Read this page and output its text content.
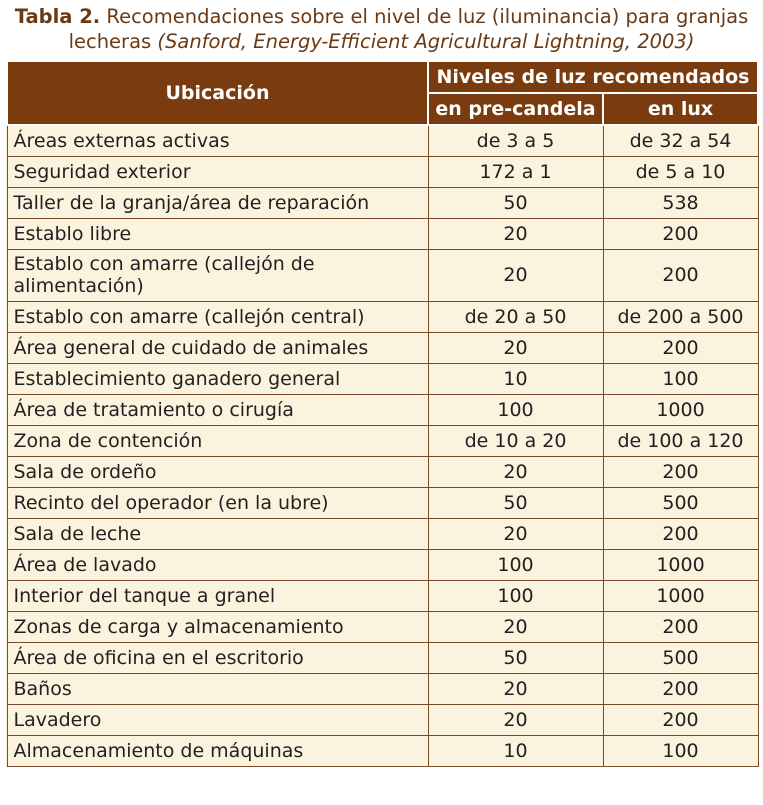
Tabla 2. Recomendaciones sobre el nivel de luz (iluminancia) para granjas lecheras (Sanford, Energy-Efficient Agricultural Lightning, 2003)
Ubicación	Niveles de luz recomendados	
	en pre-candela	en lux
Áreas externas activas	de 3 a 5	de 32 a 54
Seguridad exterior	172 a 1	de 5 a 10
Taller de la granja/área de reparación	50	538
Establo libre	20	200
Establo con amarre (callejón de alimentación)	20	200
Establo con amarre (callejón central)	de 20 a 50	de 200 a 500
Área general de cuidado de animales	20	200
Establecimiento ganadero general	10	100
Área de tratamiento o cirugía	100	1000
Zona de contención	de 10 a 20	de 100 a 120
Sala de ordeño	20	200
Recinto del operador (en la ubre)	50	500
Sala de leche	20	200
Área de lavado	100	1000
Interior del tanque a granel	100	1000
Zonas de carga y almacenamiento	20	200
Área de oficina en el escritorio	50	500
Baños	20	200
Lavadero	20	200
Almacenamiento de máquinas	10	100
